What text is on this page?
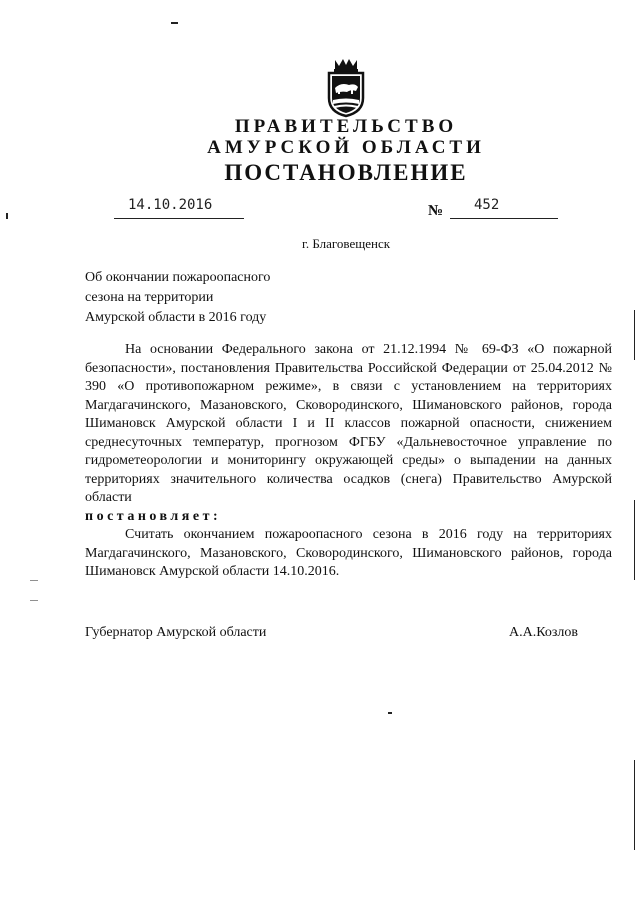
ПРАВИТЕЛЬСТВО
АМУРСКОЙ ОБЛАСТИ
ПОСТАНОВЛЕНИЕ
14.10.2016	№ 452
г. Благовещенск
Об окончании пожароопасного
сезона на территории
Амурской области в 2016 году

На основании Федерального закона от 21.12.1994 № 69-ФЗ «О пожарной безопасности», постановления Правительства Российской Федерации от 25.04.2012 № 390 «О противопожарном режиме», в связи с установлением на территориях Магдагачинского, Мазановского, Сковородинского, Шимановского районов, города Шимановск Амурской области I и II классов пожарной опасности, снижением среднесуточных температур, прогнозом ФГБУ «Дальневосточное управление по гидрометеорологии и мониторингу окружающей среды» о выпадении на данных территориях значительного количества осадков (снега) Правительство Амурской области

постановляет:

Считать окончанием пожароопасного сезона в 2016 году на территориях Магдагачинского, Мазановского, Сковородинского, Шимановского районов, города Шимановск Амурской области 14.10.2016.

Губернатор Амурской области	А.А.Козлов
